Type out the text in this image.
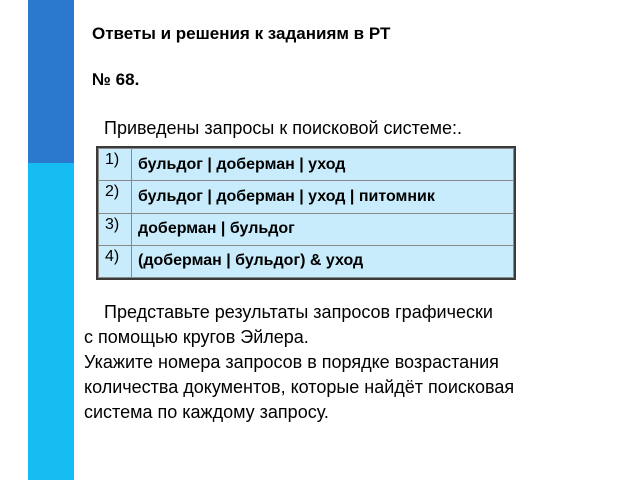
Ответы и решения к заданиям в РТ
№ 68.
Приведены запросы к поисковой системе:.
1)	бульдог | доберман | уход
2)	бульдог | доберман | уход | питомник
3)	доберман | бульдог
4)	(доберман | бульдог) & уход
Представьте результаты запросов графически
с помощью кругов Эйлера.
Укажите номера запросов в порядке возрастания
количества документов, которые найдёт поисковая
система по каждому запросу.
